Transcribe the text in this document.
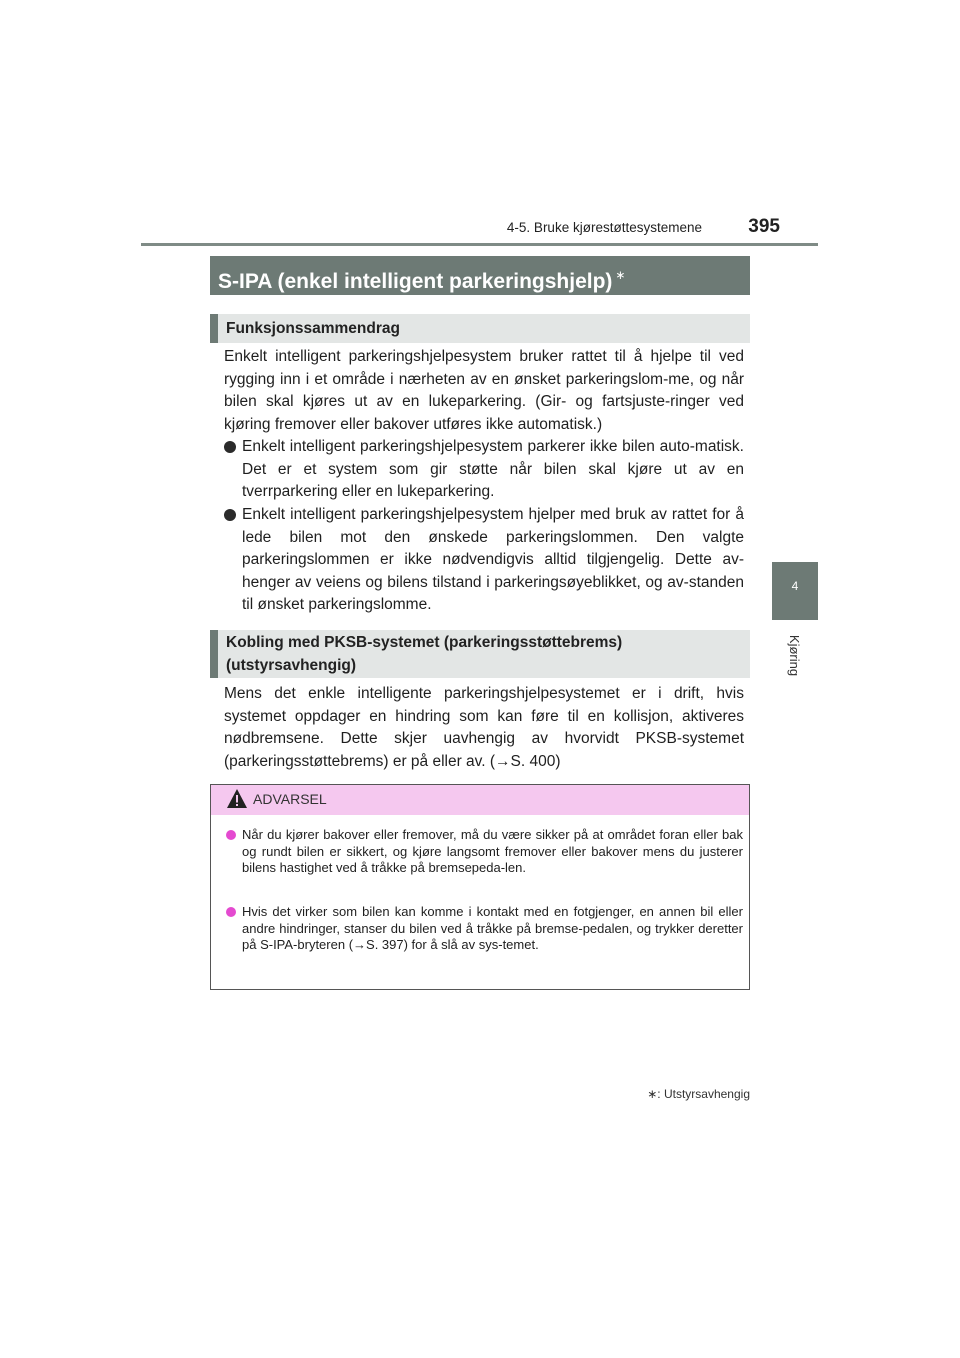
4-5. Bruke kjørestøttesystemene	395
4
Kjøring
S-IPA (enkel intelligent parkeringshjelp) ∗
Funksjonssammendrag
Enkelt intelligent parkeringshjelpesystem bruker rattet til å hjelpe til ved rygging inn i et område i nærheten av en ønsket parkeringslom-me, og når bilen skal kjøres ut av en lukeparkering. (Gir- og fartsjuste-ringer ved kjøring fremover eller bakover utføres ikke automatisk.)
Enkelt intelligent parkeringshjelpesystem parkerer ikke bilen auto-matisk. Det er et system som gir støtte når bilen skal kjøre ut av en tverrparkering eller en lukeparkering.
Enkelt intelligent parkeringshjelpesystem hjelper med bruk av rattet for å lede bilen mot den ønskede parkeringslommen. Den valgte parkeringslommen er ikke nødvendigvis alltid tilgjengelig. Dette av-henger av veiens og bilens tilstand i parkeringsøyeblikket, og av-standen til ønsket parkeringslomme.
Kobling med PKSB-systemet (parkeringsstøttebrems)
(utstyrsavhengig)
Mens det enkle intelligente parkeringshjelpesystemet er i drift, hvis systemet oppdager en hindring som kan føre til en kollisjon, aktiveres nødbremsene. Dette skjer uavhengig av hvorvidt PKSB-systemet (parkeringsstøttebrems) er på eller av. (→S. 400)
ADVARSEL
Når du kjører bakover eller fremover, må du være sikker på at området foran eller bak og rundt bilen er sikkert, og kjøre langsomt fremover eller bakover mens du justerer bilens hastighet ved å tråkke på bremsepeda-len.
Hvis det virker som bilen kan komme i kontakt med en fotgjenger, en annen bil eller andre hindringer, stanser du bilen ved å tråkke på bremse-pedalen, og trykker deretter på S-IPA-bryteren (→S. 397) for å slå av sys-temet.
∗: Utstyrsavhengig
